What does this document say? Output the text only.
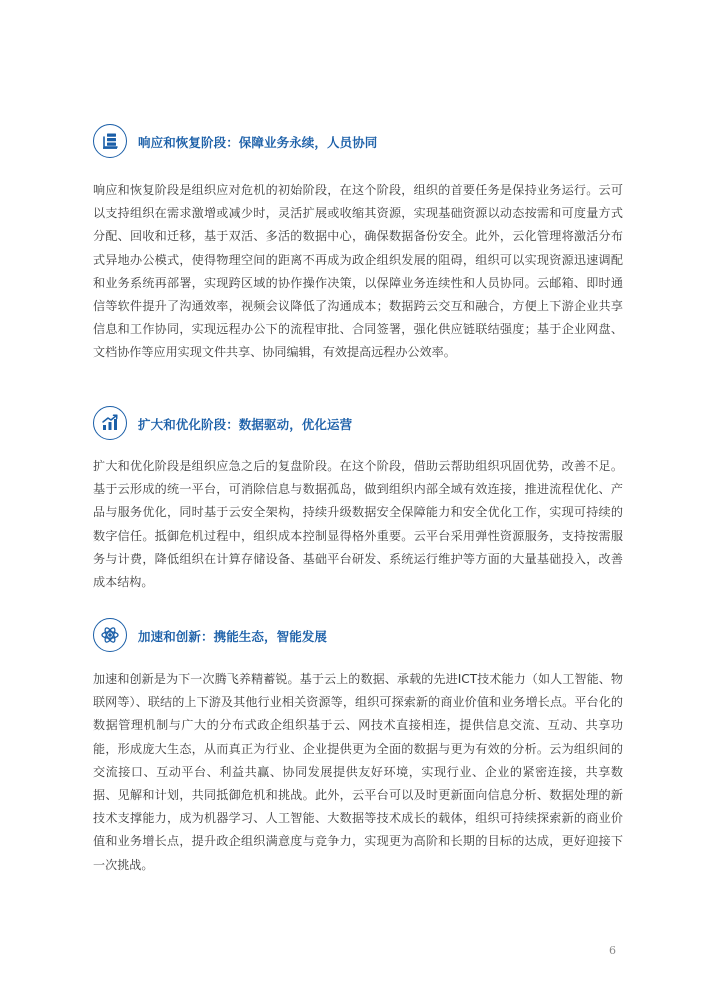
响应和恢复阶段：保障业务永续，人员协同

响应和恢复阶段是组织应对危机的初始阶段，在这个阶段，组织的首要任务是保持业务运行。云可以支持组织在需求激增或减少时，灵活扩展或收缩其资源，实现基础资源以动态按需和可度量方式分配、回收和迁移，基于双活、多活的数据中心，确保数据备份安全。此外，云化管理将激活分布式异地办公模式，使得物理空间的距离不再成为政企组织发展的阻碍，组织可以实现资源迅速调配和业务系统再部署，实现跨区域的协作操作决策，以保障业务连续性和人员协同。云邮箱、即时通信等软件提升了沟通效率，视频会议降低了沟通成本；数据跨云交互和融合，方便上下游企业共享信息和工作协同，实现远程办公下的流程审批、合同签署，强化供应链联结强度；基于企业网盘、文档协作等应用实现文件共享、协同编辑，有效提高远程办公效率。

扩大和优化阶段：数据驱动，优化运营

扩大和优化阶段是组织应急之后的复盘阶段。在这个阶段，借助云帮助组织巩固优势，改善不足。基于云形成的统一平台，可消除信息与数据孤岛，做到组织内部全域有效连接，推进流程优化、产品与服务优化，同时基于云安全架构，持续升级数据安全保障能力和安全优化工作，实现可持续的数字信任。抵御危机过程中，组织成本控制显得格外重要。云平台采用弹性资源服务，支持按需服务与计费，降低组织在计算存储设备、基础平台研发、系统运行维护等方面的大量基础投入，改善成本结构。

加速和创新：携能生态，智能发展

加速和创新是为下一次腾飞养精蓄锐。基于云上的数据、承载的先进ICT技术能力（如人工智能、物联网等）、联结的上下游及其他行业相关资源等，组织可探索新的商业价值和业务增长点。平台化的数据管理机制与广大的分布式政企组织基于云、网技术直接相连，提供信息交流、互动、共享功能，形成庞大生态，从而真正为行业、企业提供更为全面的数据与更为有效的分析。云为组织间的交流接口、互动平台、利益共赢、协同发展提供友好环境，实现行业、企业的紧密连接，共享数据、见解和计划，共同抵御危机和挑战。此外，云平台可以及时更新面向信息分析、数据处理的新技术支撑能力，成为机器学习、人工智能、大数据等技术成长的载体，组织可持续探索新的商业价值和业务增长点，提升政企组织满意度与竞争力，实现更为高阶和长期的目标的达成，更好迎接下一次挑战。

6
